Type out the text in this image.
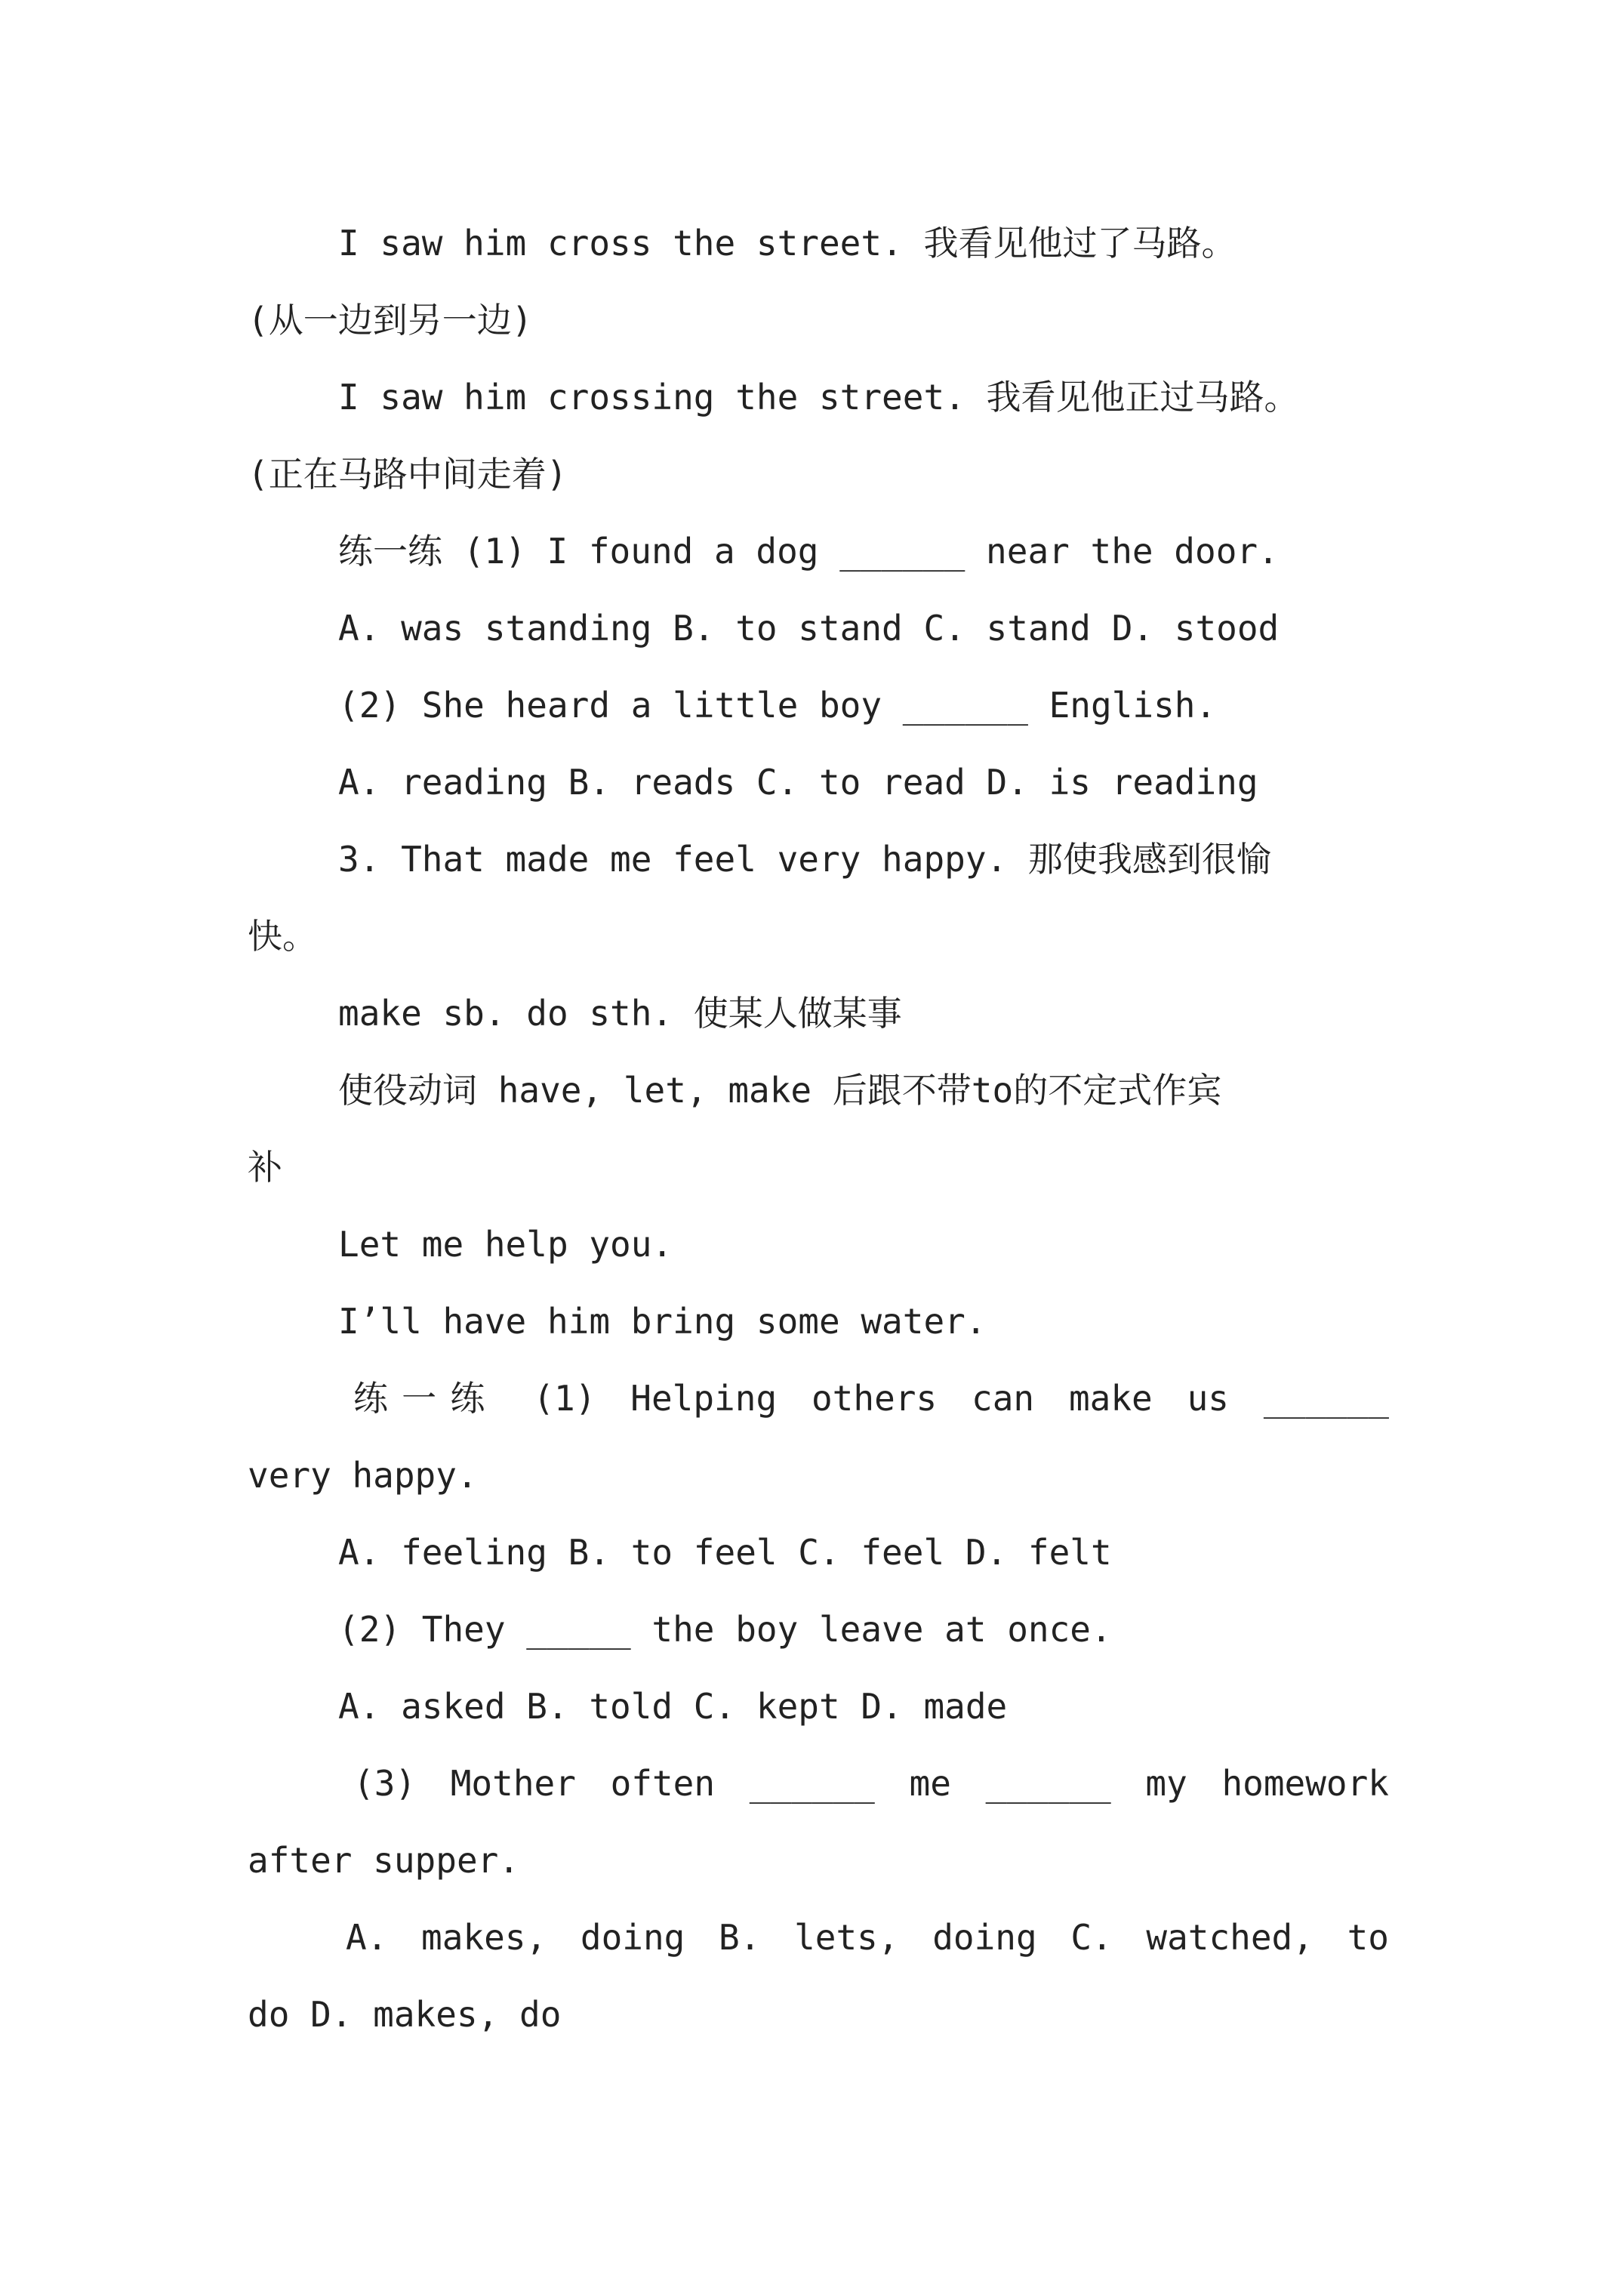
I saw him cross the street. 我看见他过了马路。
(从一边到另一边)
I saw him crossing the street. 我看见他正过马路。
(正在马路中间走着)
练一练 (1) I found a dog ______ near the door.
A. was standing B. to stand C. stand D. stood
(2) She heard a little boy ______ English.
A. reading B. reads C. to read D. is reading
3. That made me feel very happy. 那使我感到很愉
快。
make sb. do sth. 使某人做某事
使役动词 have, let, make 后跟不带to的不定式作宾
补
Let me help you.
I’ll have him bring some water.
练一练 (1) Helping others can make us ______
very happy.
A. feeling B. to feel C. feel D. felt
(2) They _____ the boy leave at once.
A. asked B. told C. kept D. made
(3) Mother often ______ me ______ my homework
after supper.
A. makes, doing B. lets, doing C. watched, to
do D. makes, do
